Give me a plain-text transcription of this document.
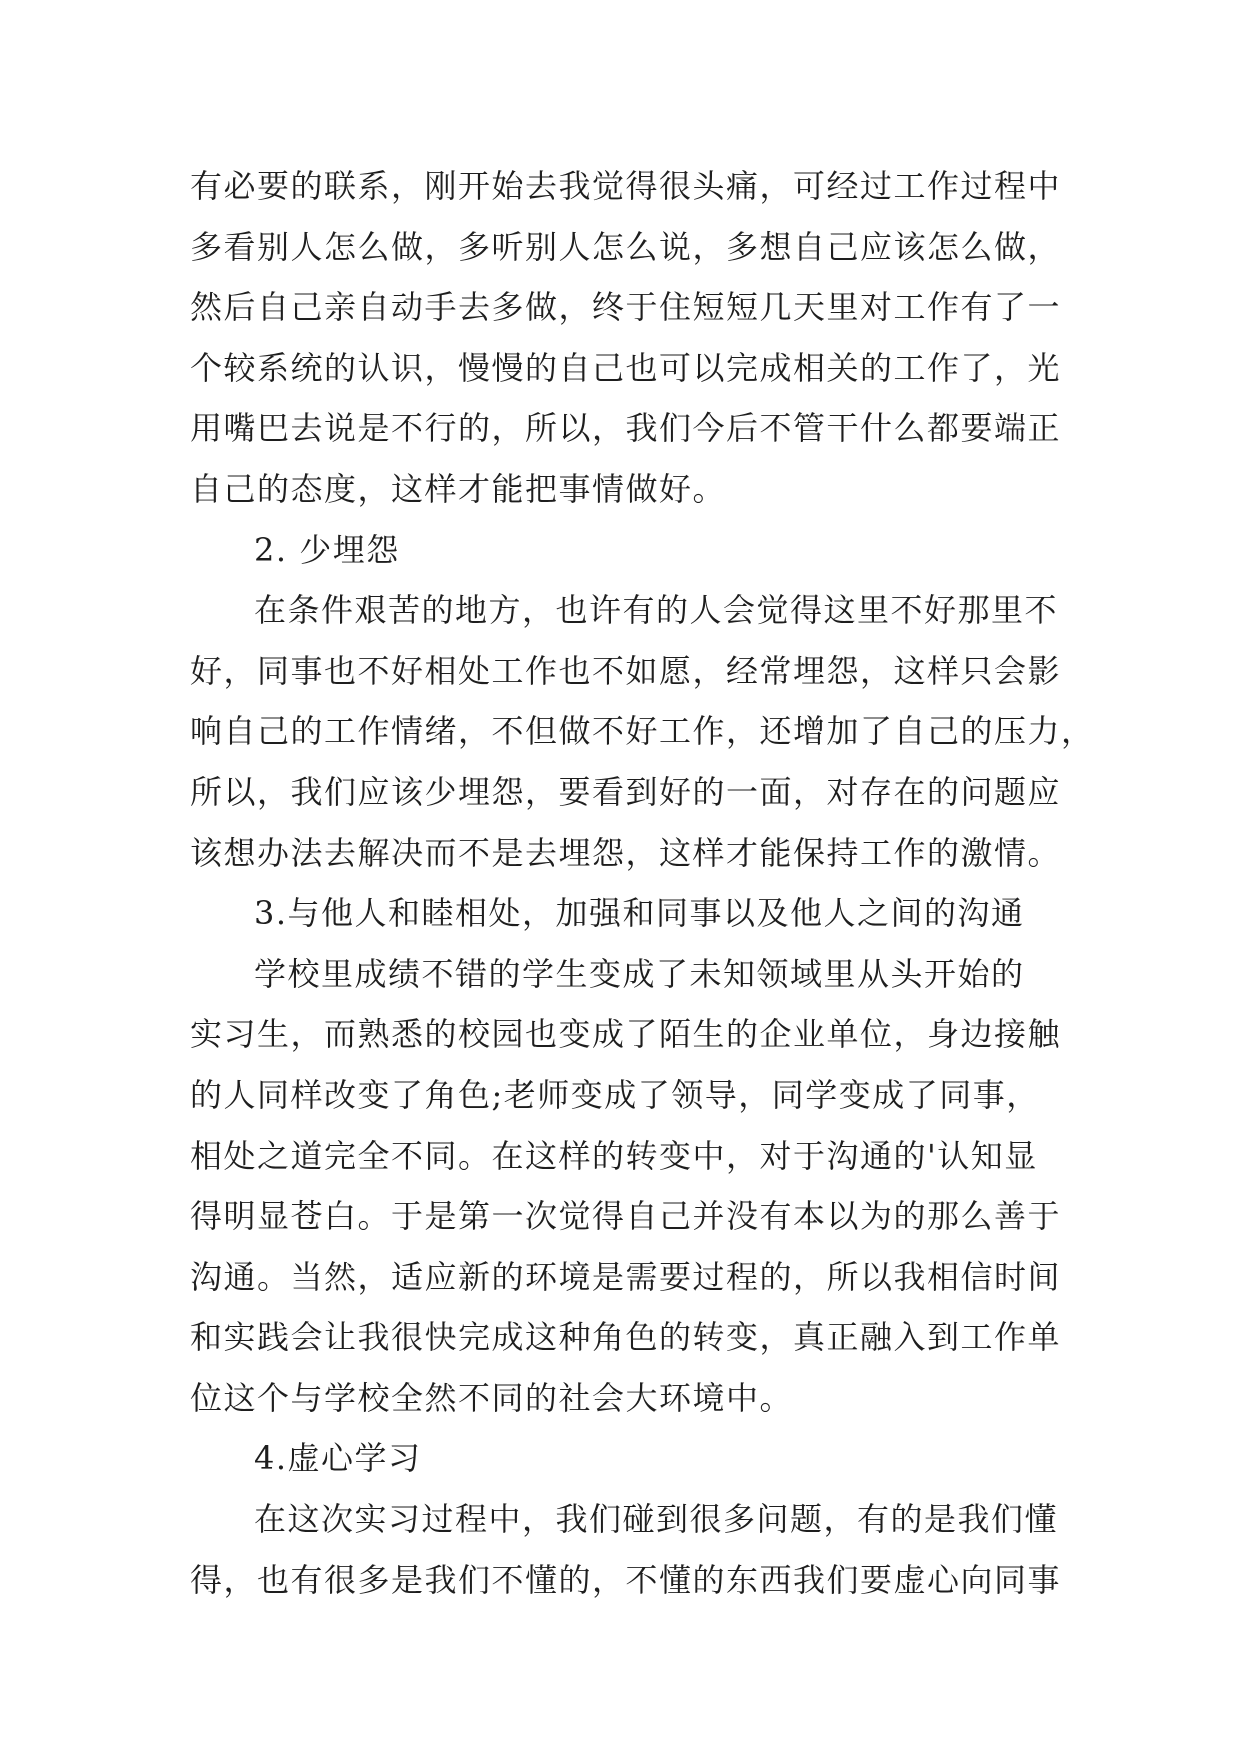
有必要的联系，刚开始去我觉得很头痛，可经过工作过程中
多看别人怎么做，多听别人怎么说，多想自己应该怎么做，
然后自己亲自动手去多做，终于住短短几天里对工作有了一
个较系统的认识，慢慢的自己也可以完成相关的工作了，光
用嘴巴去说是不行的，所以，我们今后不管干什么都要端正
自己的态度，这样才能把事情做好。
2. 少埋怨
在条件艰苦的地方，也许有的人会觉得这里不好那里不
好，同事也不好相处工作也不如愿，经常埋怨，这样只会影
响自己的工作情绪，不但做不好工作，还增加了自己的压力，
所以，我们应该少埋怨，要看到好的一面，对存在的问题应
该想办法去解决而不是去埋怨，这样才能保持工作的激情。
3.与他人和睦相处，加强和同事以及他人之间的沟通
学校里成绩不错的学生变成了未知领域里从头开始的
实习生，而熟悉的校园也变成了陌生的企业单位，身边接触
的人同样改变了角色;老师变成了领导，同学变成了同事，
相处之道完全不同。在这样的转变中，对于沟通的'认知显
得明显苍白。于是第一次觉得自己并没有本以为的那么善于
沟通。当然，适应新的环境是需要过程的，所以我相信时间
和实践会让我很快完成这种角色的转变，真正融入到工作单
位这个与学校全然不同的社会大环境中。
4.虚心学习
在这次实习过程中，我们碰到很多问题，有的是我们懂
得，也有很多是我们不懂的，不懂的东西我们要虚心向同事
